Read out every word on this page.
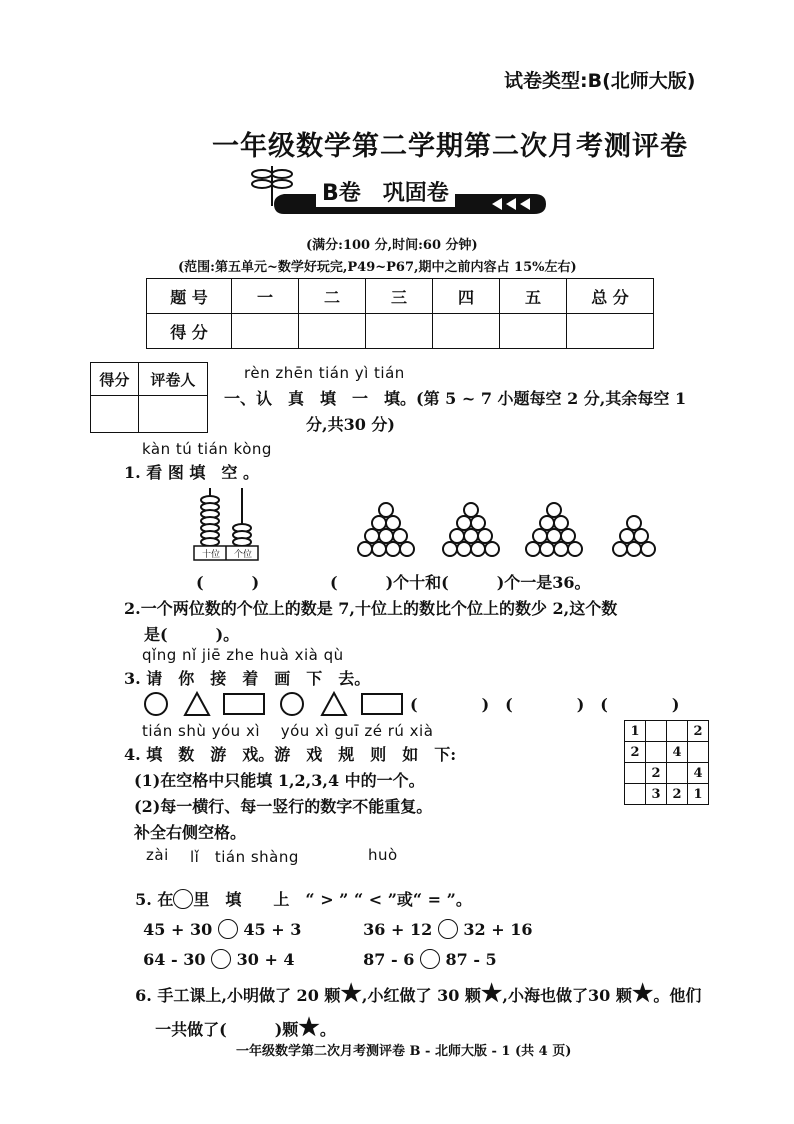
试卷类型:B(北师大版)
一年级数学第二学期第二次月考测评卷
B卷　巩固卷
(满分:100 分,时间:60 分钟)
(范围:第五单元~数学好玩完,P49~P67,期中之前内容占 15%左右)
题 号	一	二	三	四	五	总 分
得 分						
得分	评卷人
		rèn zhēn tián yì tián
一、认　真　填　一　填。(第 5 ~ 7 小题每空 2 分,其余每空 1
分,共30 分)
kàn tú tián kòng
1. 看 图 填　空 。
十位	个位
(　　　)	(　　　)个十和(　　　)个一是36。
2.一个两位数的个位上的数是 7,十位上的数比个位上的数少 2,这个数
是(　　　)。
qǐng nǐ jiē zhe huà xià qù
3. 请　你　接　着　画　下　去。
(　　　　)　(　　　　)　(　　　　)
tián shù yóu xì　 yóu xì guī zé rú xià
4. 填　数　游　戏。游　戏　规　则　如　下:
(1)在空格中只能填 1,2,3,4 中的一个。
(2)每一横行、每一竖行的数字不能重复。
补全右侧空格。
1			2
2		4	
	2		4
	3	2	1
zài lǐ　tián shàng	huò

5. 在 里　填　　上　“ > ” “ < ”或“ = ”。

45 + 30 45 + 3	36 + 12 32 + 16

64 - 30 30 + 4	87 - 6 87 - 5

6. 手工课上,小明做了 20 颗★,小红做了 30 颗★,小海也做了30 颗★。他们

一共做了(　　　)颗★。

一年级数学第二次月考测评卷 B - 北师大版 - 1 (共 4 页)
